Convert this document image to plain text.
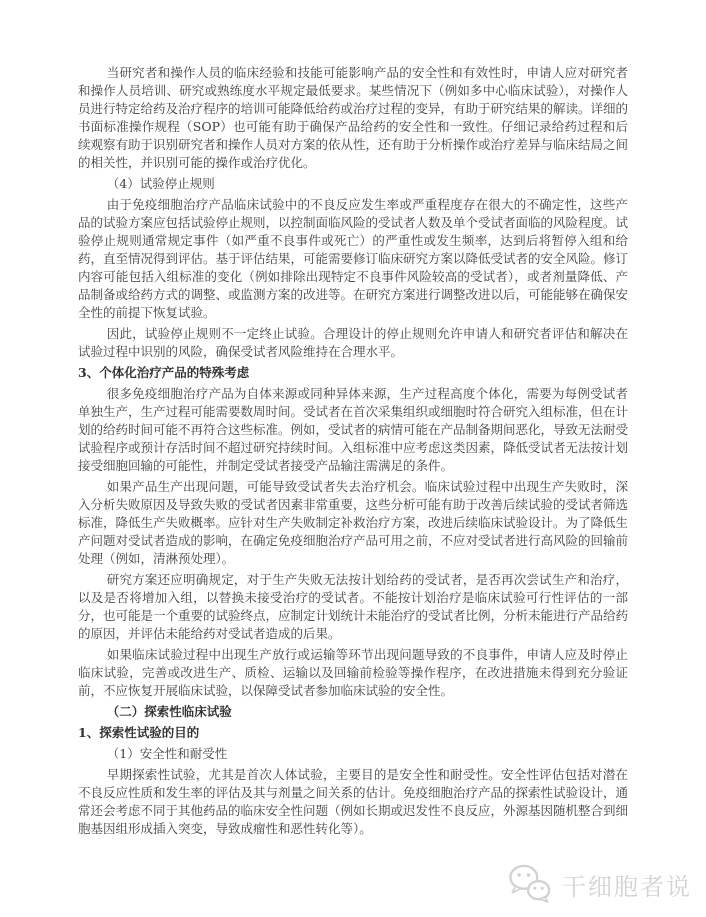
当研究者和操作人员的临床经验和技能可能影响产品的安全性和有效性时，申请人应对研究者和操作人员培训、研究或熟练度水平规定最低要求。某些情况下（例如多中心临床试验），对操作人员进行特定给药及治疗程序的培训可能降低给药或治疗过程的变异，有助于研究结果的解读。详细的书面标准操作规程（SOP）也可能有助于确保产品给药的安全性和一致性。仔细记录给药过程和后续观察有助于识别研究者和操作人员对方案的依从性，还有助于分析操作或治疗差异与临床结局之间的相关性，并识别可能的操作或治疗优化。

（4）试验停止规则

由于免疫细胞治疗产品临床试验中的不良反应发生率或严重程度存在很大的不确定性，这些产品的试验方案应包括试验停止规则，以控制面临风险的受试者人数及单个受试者面临的风险程度。试验停止规则通常规定事件（如严重不良事件或死亡）的严重性或发生频率，达到后将暂停入组和给药，直至情况得到评估。基于评估结果，可能需要修订临床研究方案以降低受试者的安全风险。修订内容可能包括入组标准的变化（例如排除出现特定不良事件风险较高的受试者），或者剂量降低、产品制备或给药方式的调整、或监测方案的改进等。在研究方案进行调整改进以后，可能能够在确保安全性的前提下恢复试验。

因此，试验停止规则不一定终止试验。合理设计的停止规则允许申请人和研究者评估和解决在试验过程中识别的风险，确保受试者风险维持在合理水平。

3、个体化治疗产品的特殊考虑

很多免疫细胞治疗产品为自体来源或同种异体来源，生产过程高度个体化，需要为每例受试者单独生产，生产过程可能需要数周时间。受试者在首次采集组织或细胞时符合研究入组标准，但在计划的给药时间可能不再符合这些标准。例如，受试者的病情可能在产品制备期间恶化，导致无法耐受试验程序或预计存活时间不超过研究持续时间。入组标准中应考虑这类因素，降低受试者无法按计划接受细胞回输的可能性，并制定受试者接受产品输注需满足的条件。

如果产品生产出现问题，可能导致受试者失去治疗机会。临床试验过程中出现生产失败时，深入分析失败原因及导致失败的受试者因素非常重要，这些分析可能有助于改善后续试验的受试者筛选标准，降低生产失败概率。应针对生产失败制定补救治疗方案，改进后续临床试验设计。为了降低生产问题对受试者造成的影响，在确定免疫细胞治疗产品可用之前，不应对受试者进行高风险的回输前处理（例如，清淋预处理）。

研究方案还应明确规定，对于生产失败无法按计划给药的受试者，是否再次尝试生产和治疗，以及是否将增加入组，以替换未接受治疗的受试者。不能按计划治疗是临床试验可行性评估的一部分，也可能是一个重要的试验终点，应制定计划统计未能治疗的受试者比例，分析未能进行产品给药的原因，并评估未能给药对受试者造成的后果。

如果临床试验过程中出现生产放行或运输等环节出现问题导致的不良事件，申请人应及时停止临床试验，完善或改进生产、质检、运输以及回输前检验等操作程序，在改进措施未得到充分验证前，不应恢复开展临床试验，以保障受试者参加临床试验的安全性。

（二）探索性临床试验

1、探索性试验的目的

（1）安全性和耐受性

早期探索性试验，尤其是首次人体试验，主要目的是安全性和耐受性。安全性评估包括对潜在不良反应性质和发生率的评估及其与剂量之间关系的估计。免疫细胞治疗产品的探索性试验设计，通常还会考虑不同于其他药品的临床安全性问题（例如长期或迟发性不良反应，外源基因随机整合到细胞基因组形成插入突变，导致成瘤性和恶性转化等）。

干细胞者说
